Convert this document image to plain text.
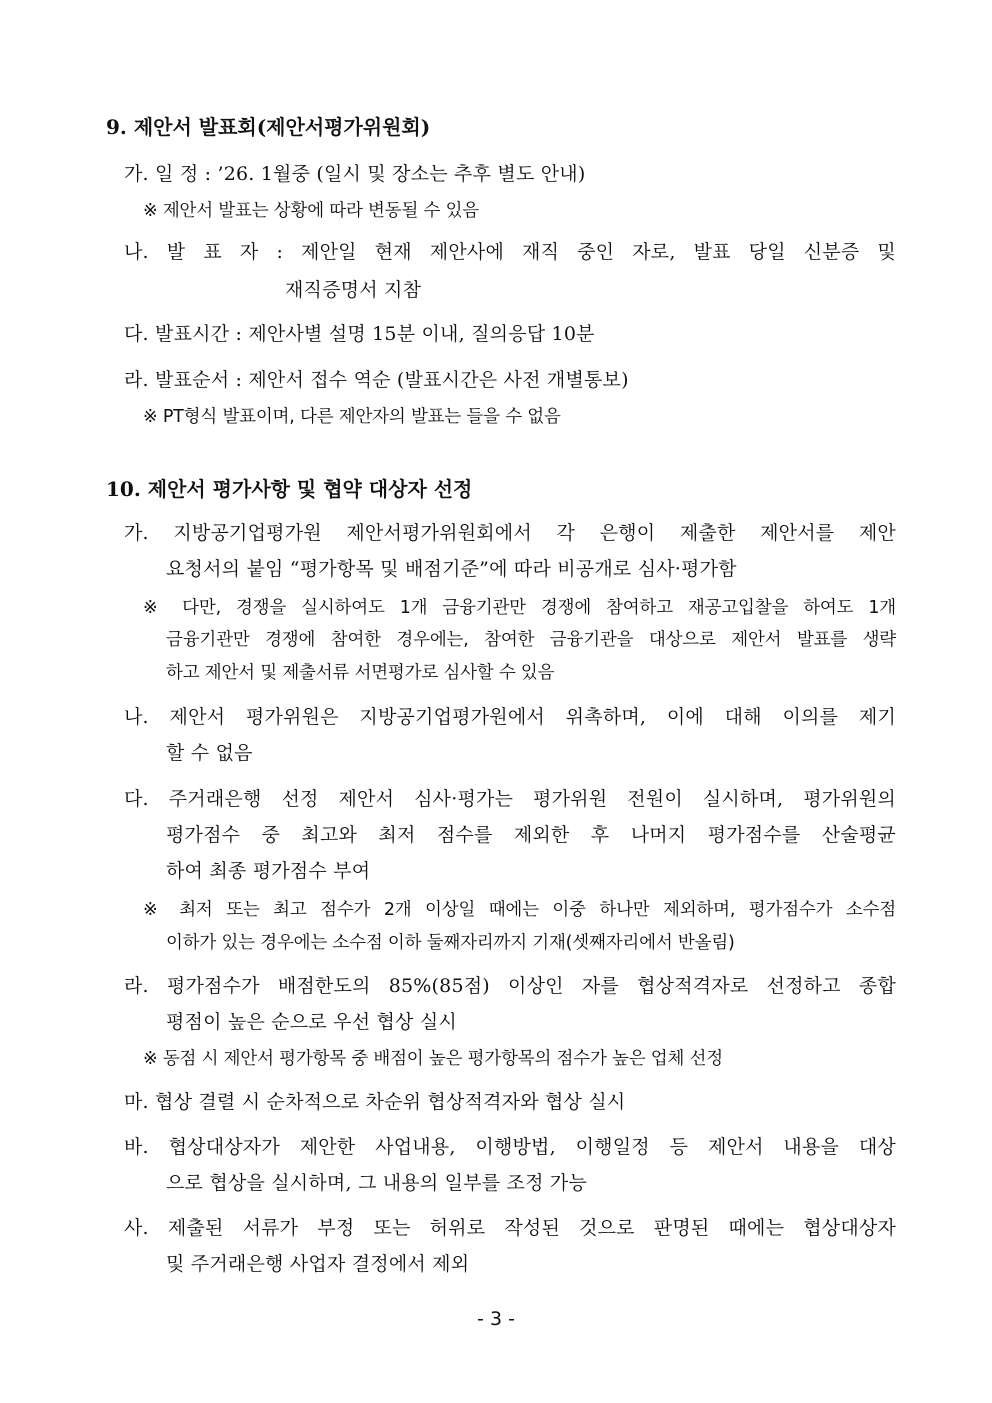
9. 제안서 발표회(제안서평가위원회)
가. 일 정 : ’26. 1월중 (일시 및 장소는 추후 별도 안내)
※ 제안서 발표는 상황에 따라 변동될 수 있음
나. 발 표 자 : 제안일 현재 제안사에 재직 중인 자로, 발표 당일 신분증 및
재직증명서 지참
다. 발표시간 : 제안사별 설명 15분 이내, 질의응답 10분
라. 발표순서 : 제안서 접수 역순 (발표시간은 사전 개별통보)
※ PT형식 발표이며, 다른 제안자의 발표는 들을 수 없음
10. 제안서 평가사항 및 협약 대상자 선정
가. 지방공기업평가원 제안서평가위원회에서 각 은행이 제출한 제안서를 제안
요청서의 붙임 “평가항목 및 배점기준”에 따라 비공개로 심사·평가함
※ 다만, 경쟁을 실시하여도 1개 금융기관만 경쟁에 참여하고 재공고입찰을 하여도 1개
금융기관만 경쟁에 참여한 경우에는, 참여한 금융기관을 대상으로 제안서 발표를 생략
하고 제안서 및 제출서류 서면평가로 심사할 수 있음
나. 제안서 평가위원은 지방공기업평가원에서 위촉하며, 이에 대해 이의를 제기
할 수 없음
다. 주거래은행 선정 제안서 심사·평가는 평가위원 전원이 실시하며, 평가위원의
평가점수 중 최고와 최저 점수를 제외한 후 나머지 평가점수를 산술평균
하여 최종 평가점수 부여
※ 최저 또는 최고 점수가 2개 이상일 때에는 이중 하나만 제외하며, 평가점수가 소수점
이하가 있는 경우에는 소수점 이하 둘째자리까지 기재(셋째자리에서 반올림)
라. 평가점수가 배점한도의 85%(85점) 이상인 자를 협상적격자로 선정하고 종합
평점이 높은 순으로 우선 협상 실시
※ 동점 시 제안서 평가항목 중 배점이 높은 평가항목의 점수가 높은 업체 선정
마. 협상 결렬 시 순차적으로 차순위 협상적격자와 협상 실시
바. 협상대상자가 제안한 사업내용, 이행방법, 이행일정 등 제안서 내용을 대상
으로 협상을 실시하며, 그 내용의 일부를 조정 가능
사. 제출된 서류가 부정 또는 허위로 작성된 것으로 판명된 때에는 협상대상자
및 주거래은행 사업자 결정에서 제외
- 3 -
